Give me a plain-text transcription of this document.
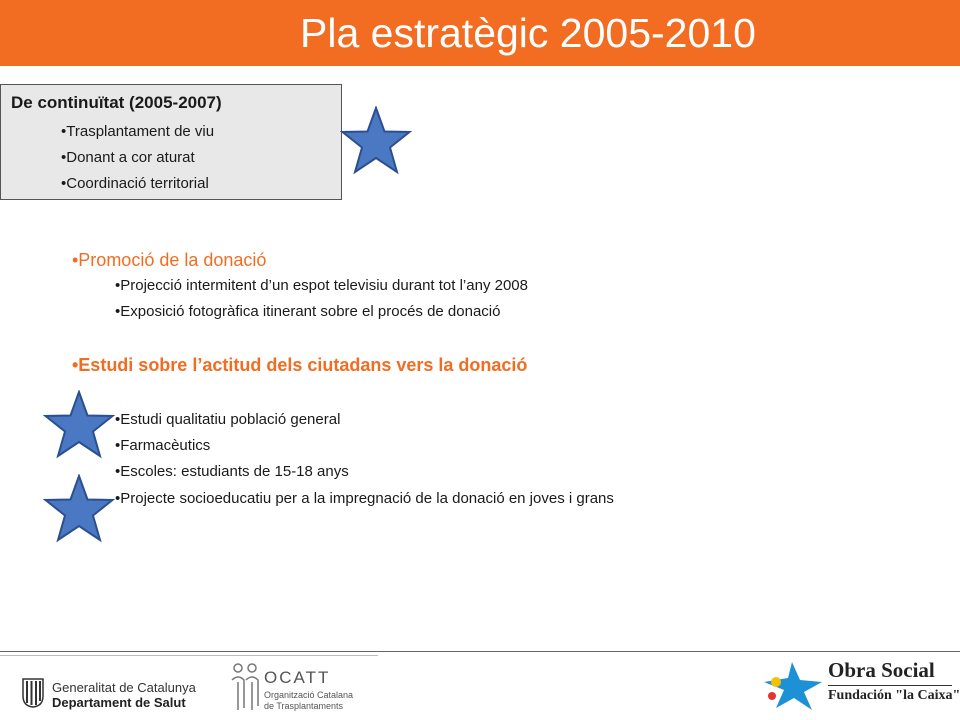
Pla estratègic 2005-2010
De continuïtat (2005-2007)
•Trasplantament de viu
•Donant a cor aturat
•Coordinació territorial
•Promoció de la donació
•Projecció intermitent d’un espot televisiu durant tot l’any 2008
•Exposició fotogràfica itinerant sobre el procés de donació
•Estudi sobre l’actitud dels ciutadans vers la donació
•Estudi qualitatiu població general
•Farmacèutics
•Escoles: estudiants de 15-18 anys
•Projecte socioeducatiu per a la impregnació de la donació en joves i grans
Generalitat de Catalunya
Departament de Salut
OCATT
Organització Catalana
de Trasplantaments
Obra Social
Fundación "la Caixa"
